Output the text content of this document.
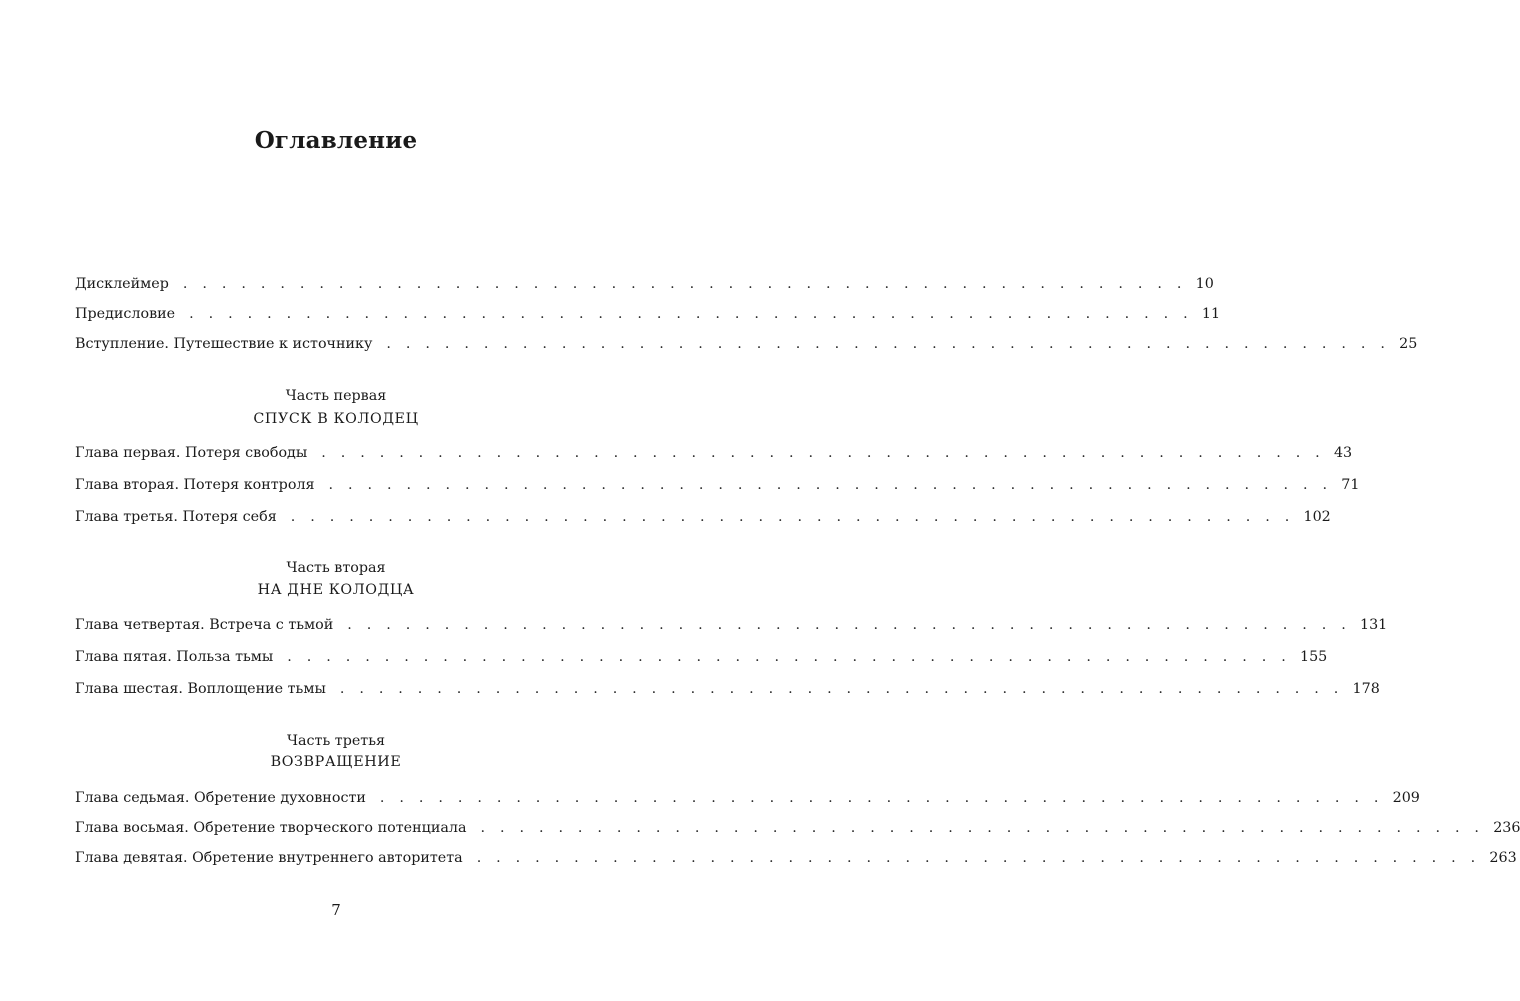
Оглавление
Дисклеймер . . . . . . . . . . . . . . . . . . . . . . . . . . . . . . . . . . . . . . . . . . . . . . . . . . . . 10
Предисловие . . . . . . . . . . . . . . . . . . . . . . . . . . . . . . . . . . . . . . . . . . . . . . . . . . . . 11
Вступление. Путешествие к источнику . . . . . . . . . . . . . . . . . . . . . . . . . . . . . . . . . . . . . . . . . . . . . . . . . . . . 25
Часть первая
СПУСК В КОЛОДЕЦ
Глава первая. Потеря свободы . . . . . . . . . . . . . . . . . . . . . . . . . . . . . . . . . . . . . . . . . . . . . . . . . . . . 43
Глава вторая. Потеря контроля . . . . . . . . . . . . . . . . . . . . . . . . . . . . . . . . . . . . . . . . . . . . . . . . . . . . 71
Глава третья. Потеря себя . . . . . . . . . . . . . . . . . . . . . . . . . . . . . . . . . . . . . . . . . . . . . . . . . . . . 102
Часть вторая
НА ДНЕ КОЛОДЦА
Глава четвертая. Встреча с тьмой . . . . . . . . . . . . . . . . . . . . . . . . . . . . . . . . . . . . . . . . . . . . . . . . . . . . 131
Глава пятая. Польза тьмы . . . . . . . . . . . . . . . . . . . . . . . . . . . . . . . . . . . . . . . . . . . . . . . . . . . . 155
Глава шестая. Воплощение тьмы . . . . . . . . . . . . . . . . . . . . . . . . . . . . . . . . . . . . . . . . . . . . . . . . . . . . 178
Часть третья
ВОЗВРАЩЕНИЕ
Глава седьмая. Обретение духовности . . . . . . . . . . . . . . . . . . . . . . . . . . . . . . . . . . . . . . . . . . . . . . . . . . . . 209
Глава восьмая. Обретение творческого потенциала . . . . . . . . . . . . . . . . . . . . . . . . . . . . . . . . . . . . . . . . . . . . . . . . . . . . 236
Глава девятая. Обретение внутреннего авторитета . . . . . . . . . . . . . . . . . . . . . . . . . . . . . . . . . . . . . . . . . . . . . . . . . . . . 263
7
